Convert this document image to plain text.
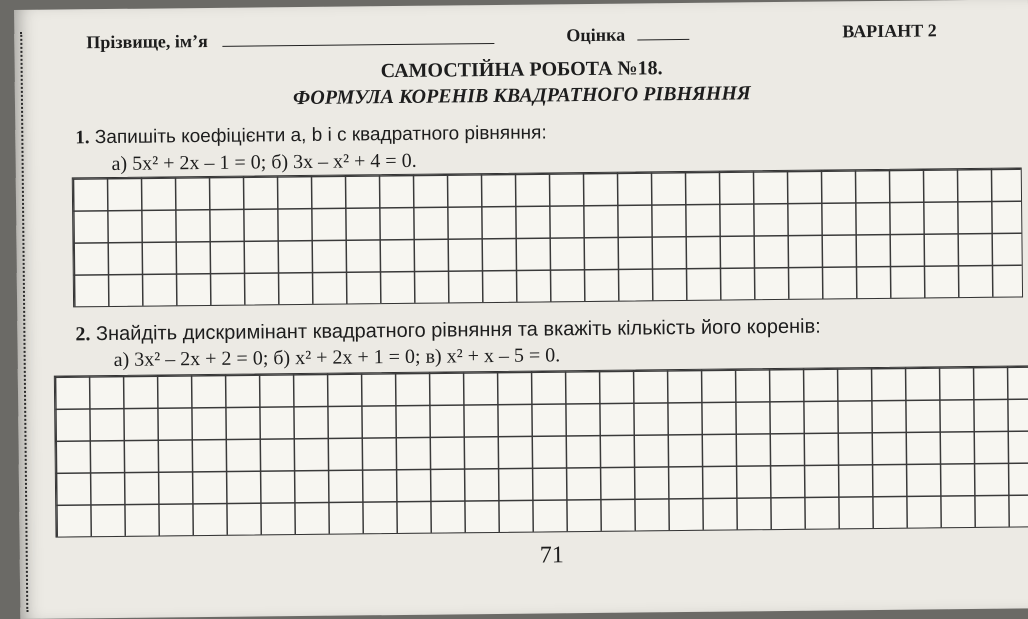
Прізвище, ім’я	Оцінка	ВАРІАНТ 2
САМОСТІЙНА РОБОТА №18.
ФОРМУЛА КОРЕНІВ КВАДРАТНОГО РІВНЯННЯ
1. Запишіть коефіцієнти a, b і c квадратного рівняння:
а) 5x² + 2x – 1 = 0; б) 3x – x² + 4 = 0.
2. Знайдіть дискримінант квадратного рівняння та вкажіть кількість його коренів:
а) 3x² – 2x + 2 = 0; б) x² + 2x + 1 = 0; в) x² + x – 5 = 0.
71
